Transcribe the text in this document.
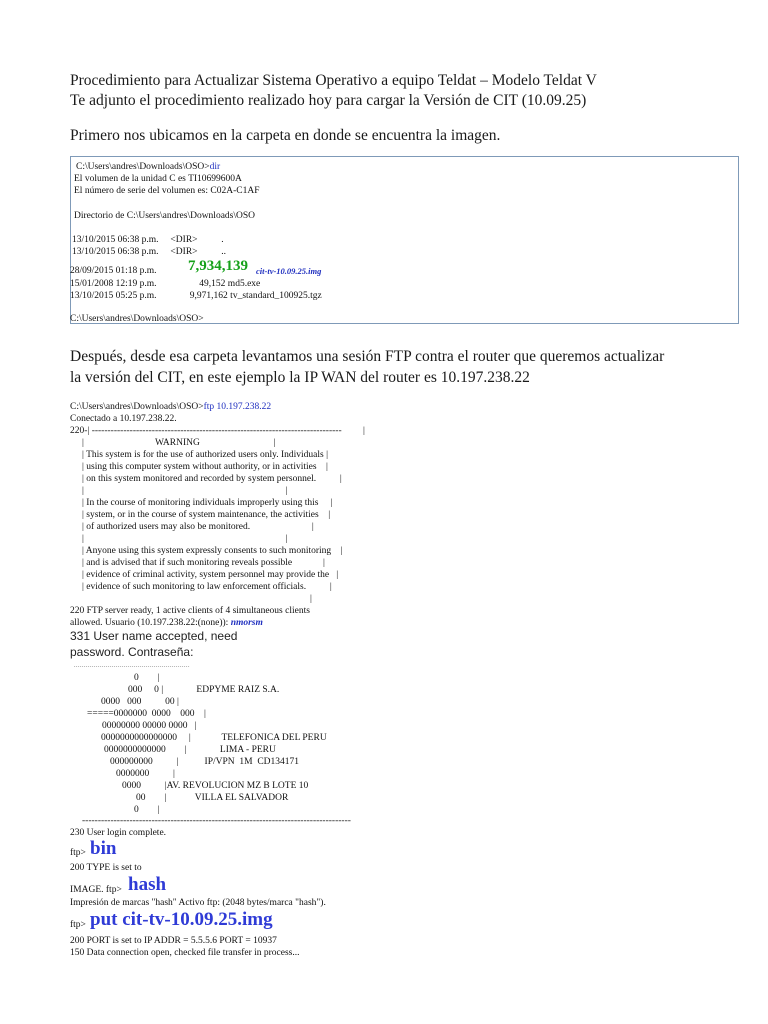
Procedimiento para Actualizar Sistema Operativo a equipo Teldat – Modelo Teldat V
Te adjunto el procedimiento realizado hoy para cargar la Versión de CIT (10.09.25)
Primero nos ubicamos en la carpeta en donde se encuentra la imagen.
C:\Users\andres\Downloads\OSO>dir
El volumen de la unidad C es TI10699600A
El número de serie del volumen es: C02A-C1AF
Directorio de C:\Users\andres\Downloads\OSO
13/10/2015 06:38 p.m.     <DIR>          .
13/10/2015 06:38 p.m.     <DIR>          ..
28/09/2015 01:18 p.m. 7,934,139 cit-tv-10.09.25.img
15/01/2008 12:19 p.m.                  49,152 md5.exe
13/10/2015 05:25 p.m.              9,971,162 tv_standard_100925.tgz
C:\Users\andres\Downloads\OSO>
Después, desde esa carpeta levantamos una sesión FTP contra el router que queremos actualizar
la versión del CIT, en este ejemplo la IP WAN del router es 10.197.238.22
C:\Users\andres\Downloads\OSO>ftp 10.197.238.22
Conectado a 10.197.238.22.
220-| -------------------------------------------------------------------------------         |
|                              WARNING                               |
| This system is for the use of authorized users only. Individuals |
| using this computer system without authority, or in activities    |
| on this system monitored and recorded by system personnel.          |
|                                                                                     |
| In the course of monitoring individuals improperly using this     |
| system, or in the course of system maintenance, the activities    |
| of authorized users may also be monitored.                          |
|                                                                                     |
| Anyone using this system expressly consents to such monitoring    |
| and is advised that if such monitoring reveals possible             |
| evidence of criminal activity, system personnel may provide the   |
| evidence of such monitoring to law enforcement officials.          |
|
220 FTP server ready, 1 active clients of 4 simultaneous clients
allowed. Usuario (10.197.238.22:(none)): nmorsm
331 User name accepted, need
password. Contraseña:
..........................................................
0        |
000     0 |              EDPYME RAIZ S.A.
0000   000          00 |
=====0000000  0000    000    |
00000000 00000 0000   |
0000000000000000     |             TELEFONICA DEL PERU
0000000000000        |              LIMA - PERU
000000000          |           IP/VPN  1M  CD134171
0000000          |
0000          |AV. REVOLUCION MZ B LOTE 10
00        |            VILLA EL SALVADOR
0        |
-------------------------------------------------------------------------------------
230 User login complete.
ftp> bin
200 TYPE is set to
IMAGE. ftp> hash
Impresión de marcas "hash" Activo ftp: (2048 bytes/marca "hash").
ftp> put cit-tv-10.09.25.img
200 PORT is set to IP ADDR = 5.5.5.6 PORT = 10937
150 Data connection open, checked file transfer in process...
